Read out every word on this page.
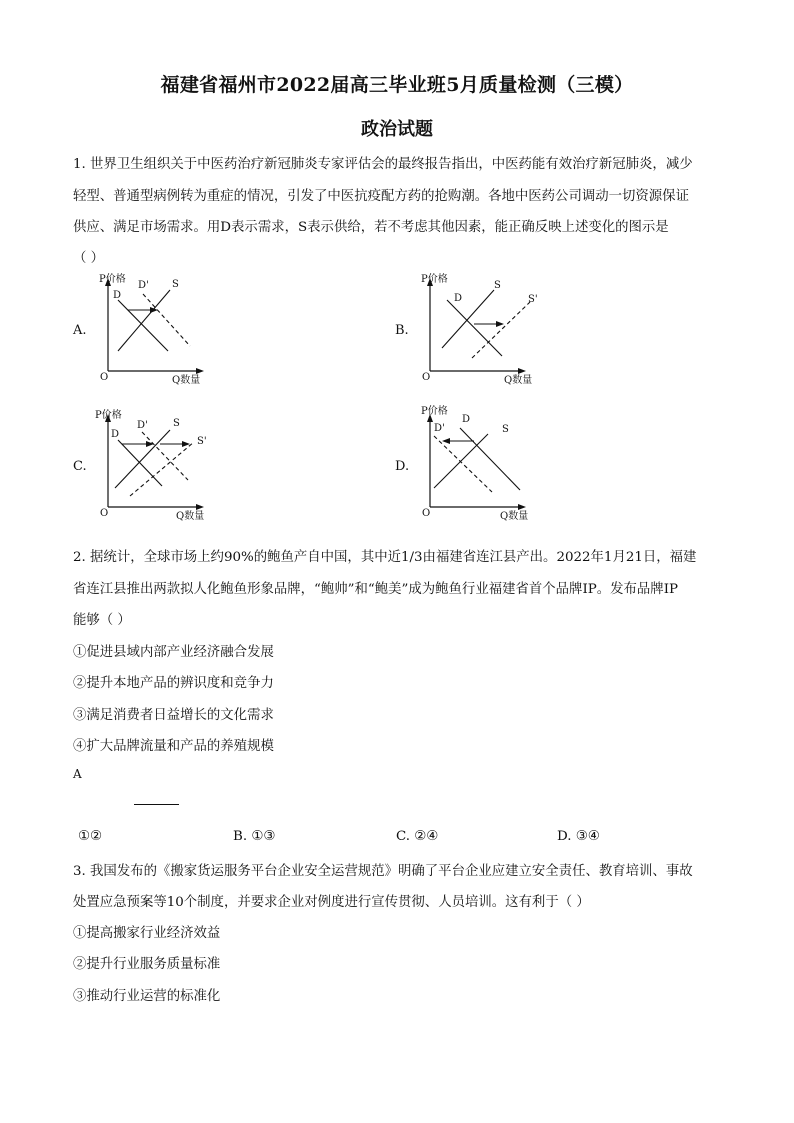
福建省福州市2022届高三毕业班5月质量检测（三模）
政治试题
1. 世界卫生组织关于中医药治疗新冠肺炎专家评估会的最终报告指出，中医药能有效治疗新冠肺炎，减少
轻型、普通型病例转为重症的情况，引发了中医抗疫配方药的抢购潮。各地中医药公司调动一切资源保证
供应、满足市场需求。用D表示需求，S表示供给，若不考虑其他因素，能正确反映上述变化的图示是
（ ）
A.
P价格
O	Q数量
D
D' S
B.
P价格
O	Q数量
D
S
S'
C.
P价格
O	Q数量
D
D'	S
S'
D.
P价格
O	Q数量
D
D'	S
2. 据统计，全球市场上约90%的鲍鱼产自中国，其中近1/3由福建省连江县产出。2022年1月21日，福建
省连江县推出两款拟人化鲍鱼形象品牌，“鲍帅”和“鲍美”成为鲍鱼行业福建省首个品牌IP。发布品牌IP
能够（ ）
①促进县域内部产业经济融合发展
②提升本地产品的辨识度和竞争力
③满足消费者日益增长的文化需求
④扩大品牌流量和产品的养殖规模
A
①②	B. ①③	C. ②④	D. ③④
3. 我国发布的《搬家货运服务平台企业安全运营规范》明确了平台企业应建立安全责任、教育培训、事故
处置应急预案等10个制度，并要求企业对例度进行宣传贯彻、人员培训。这有利于（ ）
①提高搬家行业经济效益
②提升行业服务质量标准
③推动行业运营的标准化
